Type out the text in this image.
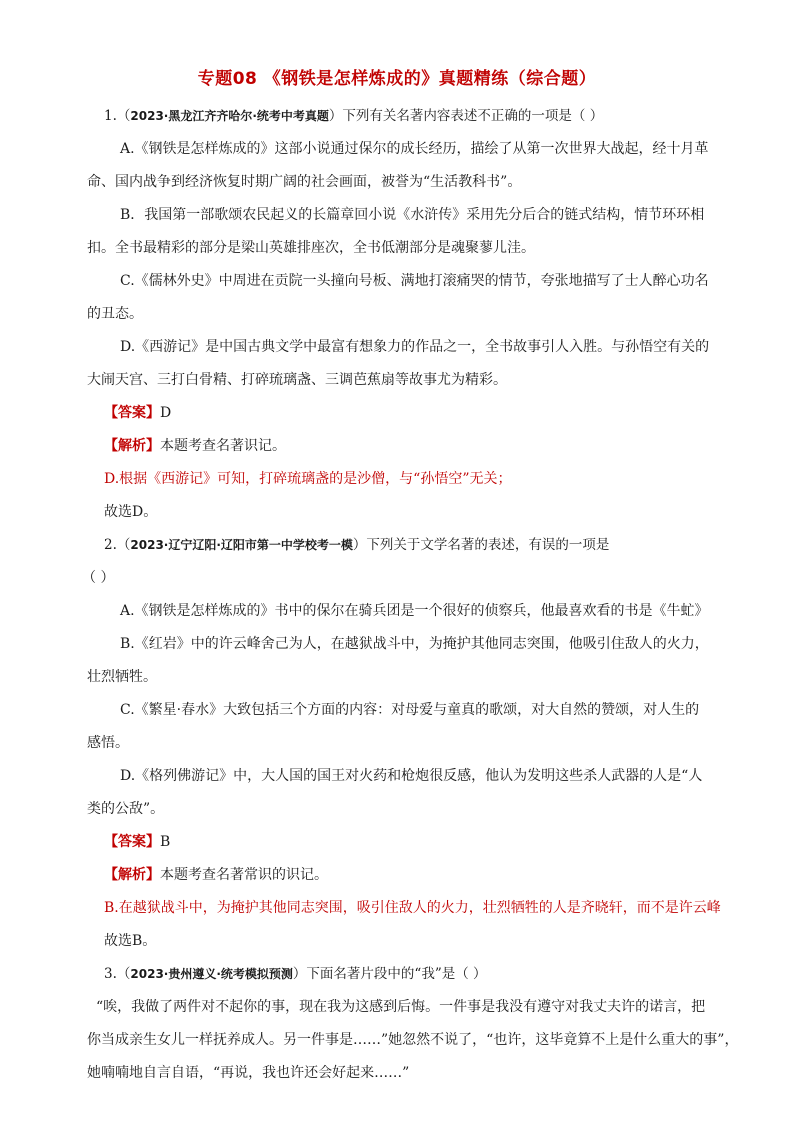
专题08 《钢铁是怎样炼成的》真题精练（综合题）
1.（2023·黑龙江齐齐哈尔·统考中考真题）下列有关名著内容表述不正确的一项是（ ）
A.《钢铁是怎样炼成的》这部小说通过保尔的成长经历，描绘了从第一次世界大战起，经十月革
命、国内战争到经济恢复时期广阔的社会画面，被誉为“生活教科书”。
B．我国第一部歌颂农民起义的长篇章回小说《水浒传》采用先分后合的链式结构，情节环环相
扣。全书最精彩的部分是梁山英雄排座次，全书低潮部分是魂聚蓼儿洼。
C.《儒林外史》中周进在贡院一头撞向号板、满地打滚痛哭的情节，夸张地描写了士人醉心功名
的丑态。
D.《西游记》是中国古典文学中最富有想象力的作品之一，全书故事引人入胜。与孙悟空有关的
大闹天宫、三打白骨精、打碎琉璃盏、三调芭蕉扇等故事尤为精彩。
【答案】D
【解析】本题考查名著识记。
D.根据《西游记》可知，打碎琉璃盏的是沙僧，与“孙悟空”无关；
故选D。
2.（2023·辽宁辽阳·辽阳市第一中学校考一模）下列关于文学名著的表述，有误的一项是
（ ）
A.《钢铁是怎样炼成的》书中的保尔在骑兵团是一个很好的侦察兵，他最喜欢看的书是《牛虻》
B.《红岩》中的许云峰舍己为人，在越狱战斗中，为掩护其他同志突围，他吸引住敌人的火力，
壮烈牺牲。
C.《繁星·春水》大致包括三个方面的内容：对母爱与童真的歌颂，对大自然的赞颂，对人生的
感悟。
D.《格列佛游记》中，大人国的国王对火药和枪炮很反感，他认为发明这些杀人武器的人是“人
类的公敌”。
【答案】B
【解析】本题考查名著常识的识记。
B.在越狱战斗中，为掩护其他同志突围，吸引住敌人的火力，壮烈牺牲的人是齐晓轩，而不是许云峰
故选B。
3.（2023·贵州遵义·统考模拟预测）下面名著片段中的“我”是（ ）
“唉，我做了两件对不起你的事，现在我为这感到后悔。一件事是我没有遵守对我丈夫许的诺言，把
你当成亲生女儿一样抚养成人。另一件事是……”她忽然不说了，“也许，这毕竟算不上是什么重大的事”，
她喃喃地自言自语，“再说，我也许还会好起来……”
